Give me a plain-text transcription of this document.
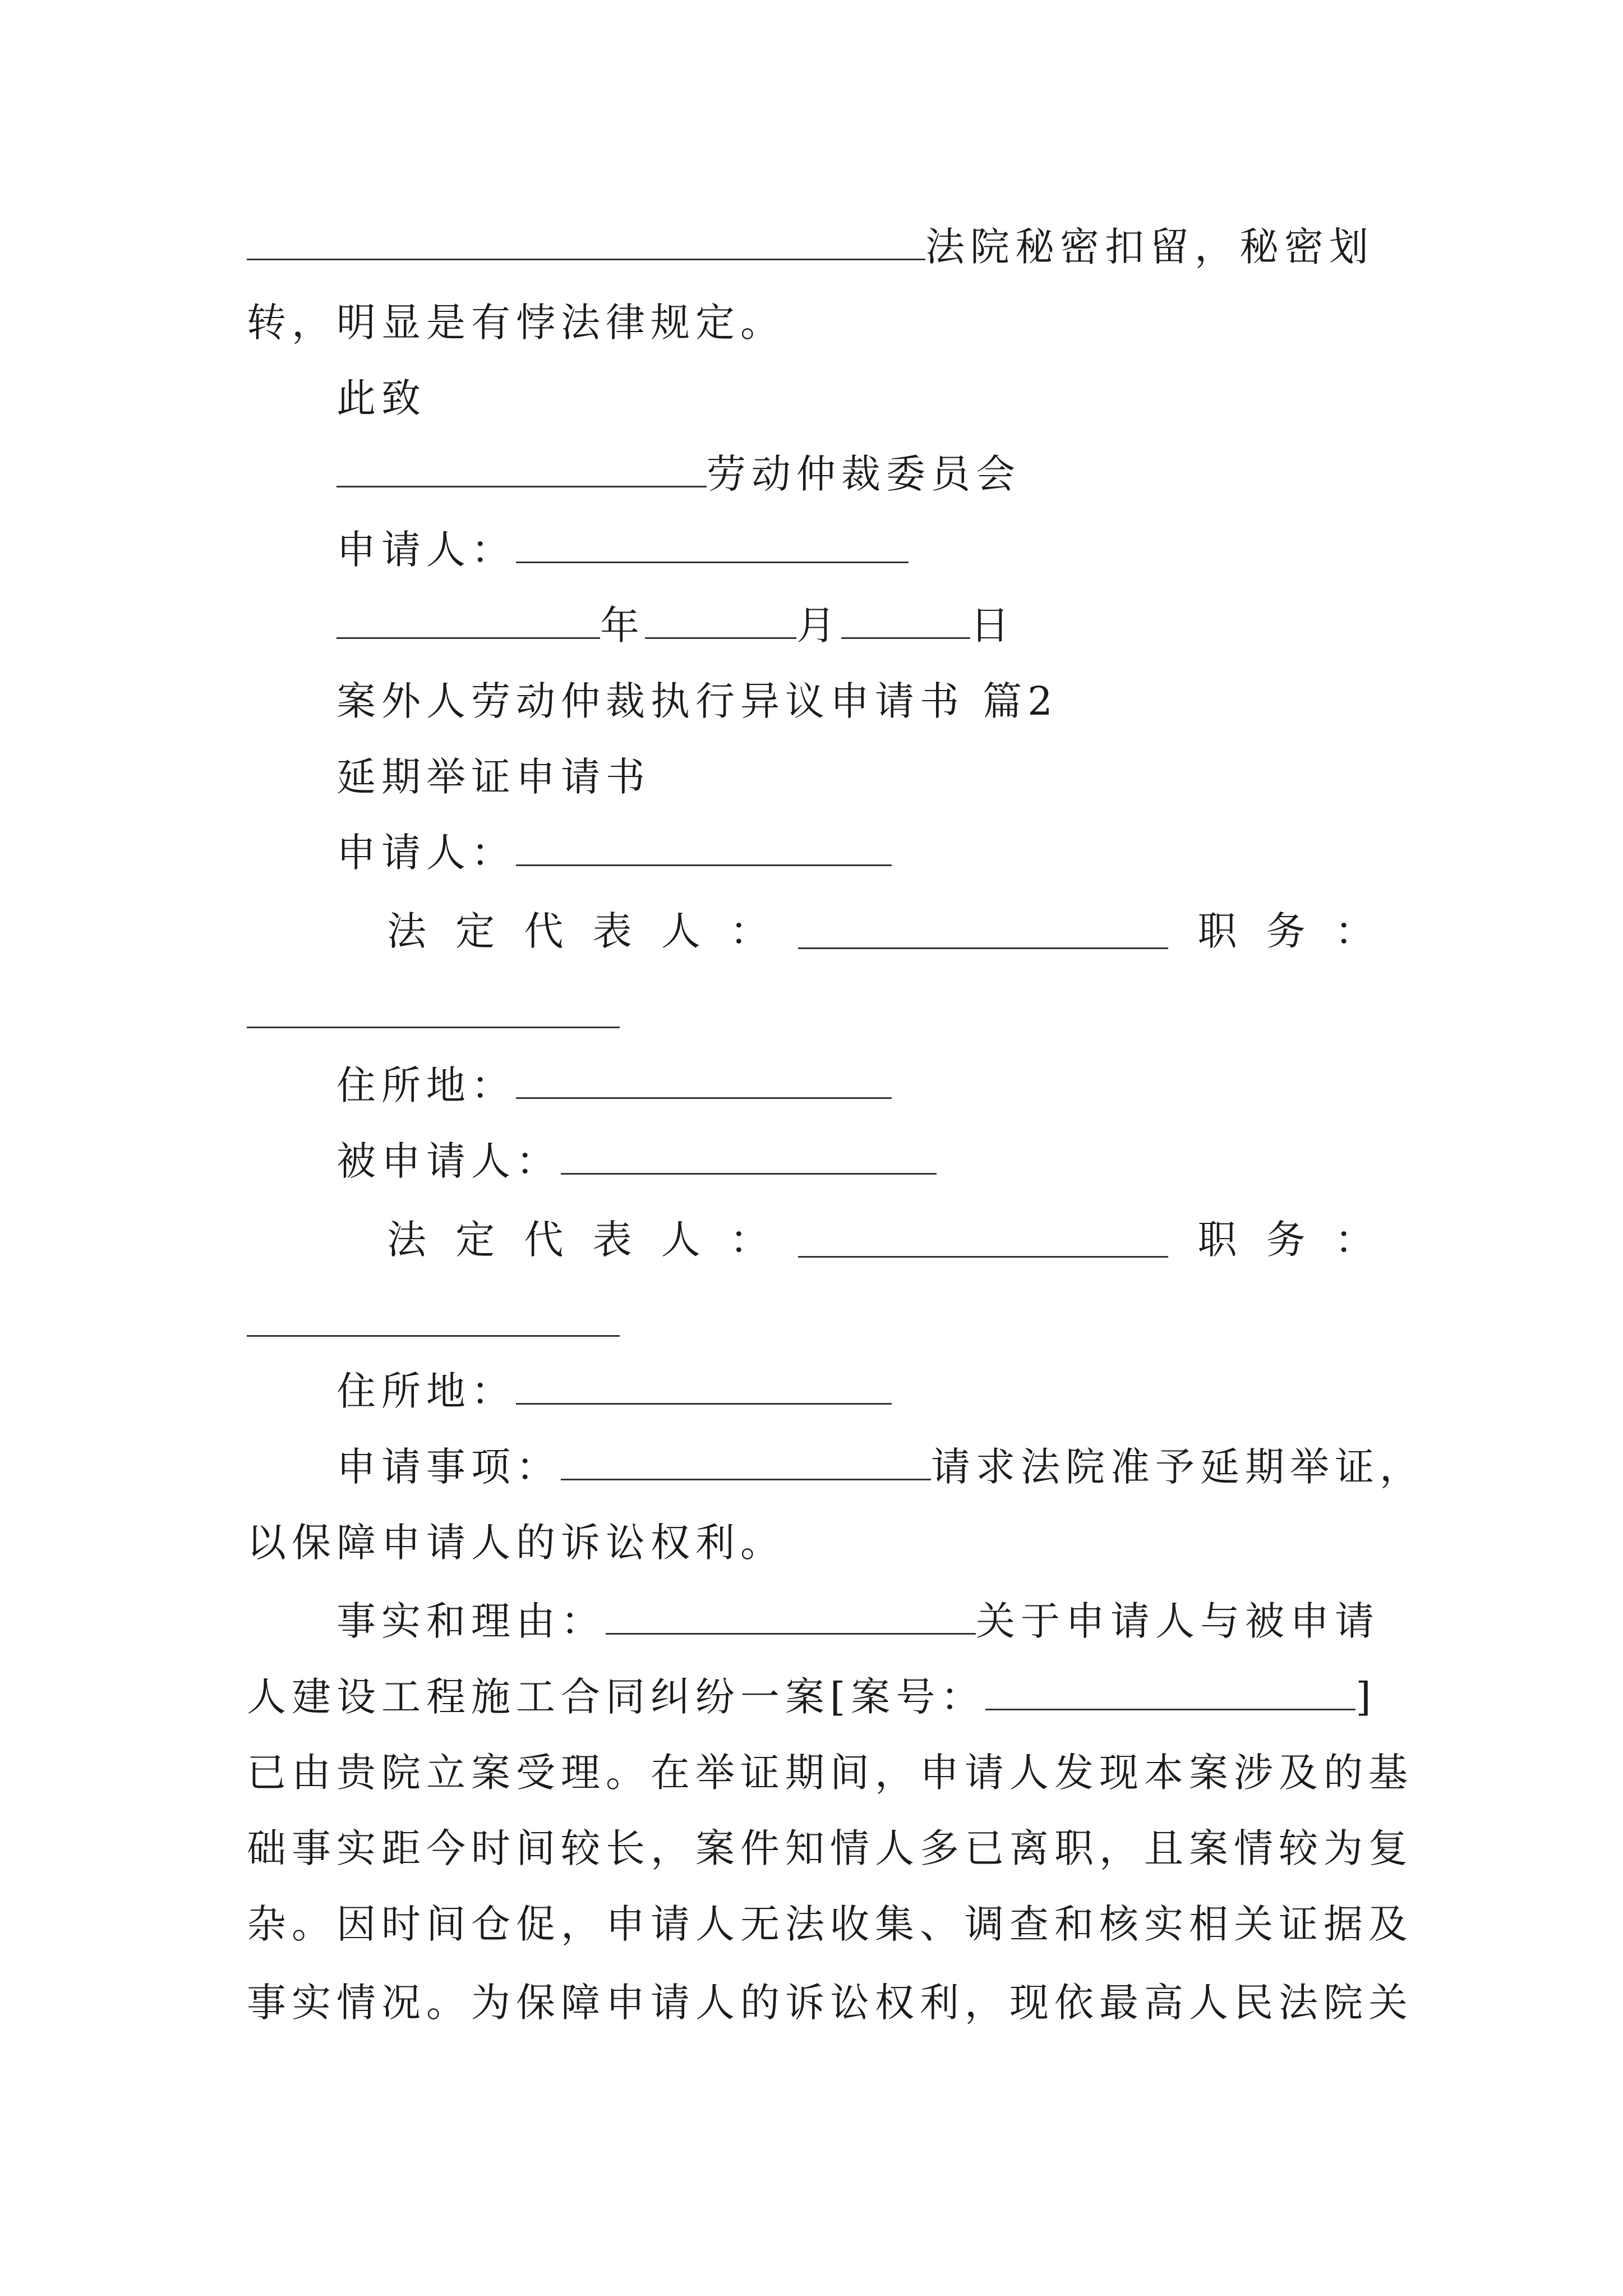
法院秘密扣留，秘密划
转，明显是有悖法律规定。
此致
劳动仲裁委员会
申请人：
年	月	日
案外人劳动仲裁执行异议申请书 篇2
延期举证申请书
申请人：
法 定 代 表 人 ：	职 务 ：
住所地：
被申请人：
法 定 代 表 人 ：	职 务 ：
住所地：
申请事项：	请求法院准予延期举证，
以保障申请人的诉讼权利。
事实和理由：	关于申请人与被申请
人建设工程施工合同纠纷一案[案号：	]
已由贵院立案受理。在举证期间，申请人发现本案涉及的基
础事实距今时间较长，案件知情人多已离职，且案情较为复
杂。因时间仓促，申请人无法收集、调查和核实相关证据及
事实情况。为保障申请人的诉讼权利，现依最高人民法院关
